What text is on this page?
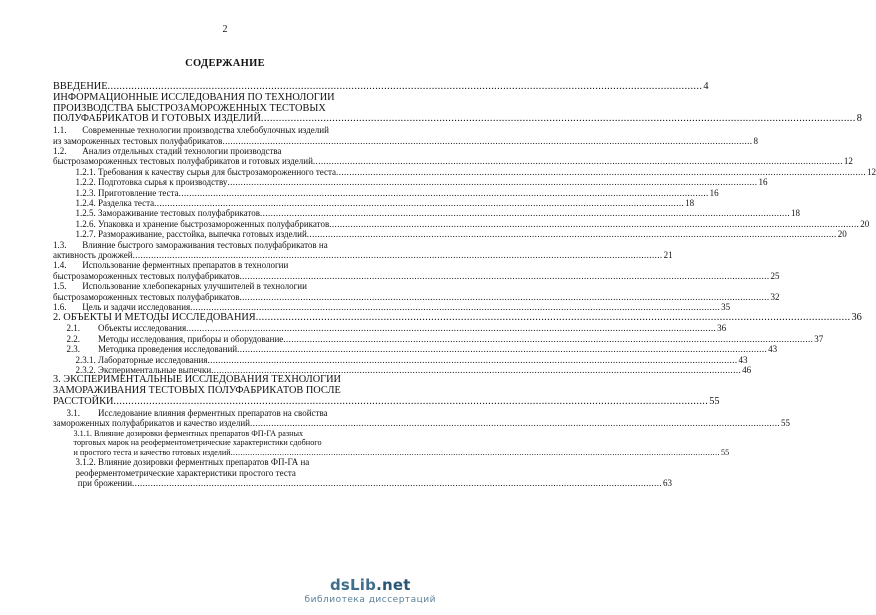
2
СОДЕРЖАНИЕ
ВВЕДЕНИЕ ........................................................................................................................................................................................................ 4
ИНФОРМАЦИОННЫЕ ИССЛЕДОВАНИЯ ПО ТЕХНОЛОГИИ
ПРОИЗВОДСТВА БЫСТРОЗАМОРОЖЕННЫХ ТЕСТОВЫХ
ПОЛУФАБРИКАТОВ И ГОТОВЫХ ИЗДЕЛИЙ ........................................................................................................................................................................................................ 8
1.1.       Современные технологии производства хлебобулочных изделий
из замороженных тестовых полуфабрикатов ........................................................................................................................................................................................................ 8
1.2.       Анализ отдельных стадий технологии производства
быстрозамороженных тестовых полуфабрикатов и готовых изделий ........................................................................................................................................................................................................ 12
1.2.1. Требования к качеству сырья для быстрозамороженного теста ........................................................................................................................................................................................................ 12
1.2.2. Подготовка сырья к производству ........................................................................................................................................................................................................ 16
1.2.3. Приготовление теста ........................................................................................................................................................................................................ 16
1.2.4. Разделка теста ........................................................................................................................................................................................................ 18
1.2.5. Замораживание тестовых полуфабрикатов ........................................................................................................................................................................................................ 18
1.2.6. Упаковка и хранение быстрозамороженных полуфабрикатов ........................................................................................................................................................................................................ 20
1.2.7. Размораживание, расстойка, выпечка готовых изделий ........................................................................................................................................................................................................ 20
1.3.       Влияние быстрого замораживания тестовых полуфабрикатов на
активность дрожжей ........................................................................................................................................................................................................ 21
1.4.       Использование ферментных препаратов в технологии
быстрозамороженных тестовых полуфабрикатов ........................................................................................................................................................................................................ 25
1.5.       Использование хлебопекарных улучшителей в технологии
быстрозамороженных тестовых полуфабрикатов ........................................................................................................................................................................................................ 32
1.6.       Цель и задачи исследования ........................................................................................................................................................................................................ 35
2. ОБЪЕКТЫ И МЕТОДЫ ИССЛЕДОВАНИЯ ........................................................................................................................................................................................................ 36
2.1.        Объекты исследования ........................................................................................................................................................................................................ 36
2.2.        Методы исследования, приборы и оборудование ........................................................................................................................................................................................................ 37
2.3.        Методика проведения исследований ........................................................................................................................................................................................................ 43
2.3.1. Лабораторные исследования ........................................................................................................................................................................................................ 43
2.3.2. Экспериментальные выпечки ........................................................................................................................................................................................................ 46
3. ЭКСПЕРИМЕНТАЛЬНЫЕ ИССЛЕДОВАНИЯ ТЕХНОЛОГИИ
ЗАМОРАЖИВАНИЯ ТЕСТОВЫХ ПОЛУФАБРИКАТОВ ПОСЛЕ
РАССТОЙКИ ........................................................................................................................................................................................................ 55
3.1.        Исследование влияния ферментных препаратов на свойства
замороженных полуфабрикатов и качество изделий ........................................................................................................................................................................................................ 55
3.1.1. Влияние дозировки ферментных препаратов ФП-ГА разных
торговых марок на реоферментометрические характеристики сдобного
и простого теста и качество готовых изделий ........................................................................................................................................................................................................ 55
3.1.2. Влияние дозировки ферментных препаратов ФП-ГА на
реоферментометрические характеристики простого теста
при брожении ........................................................................................................................................................................................................ 63
dsLib.net
библиотека диссертаций
